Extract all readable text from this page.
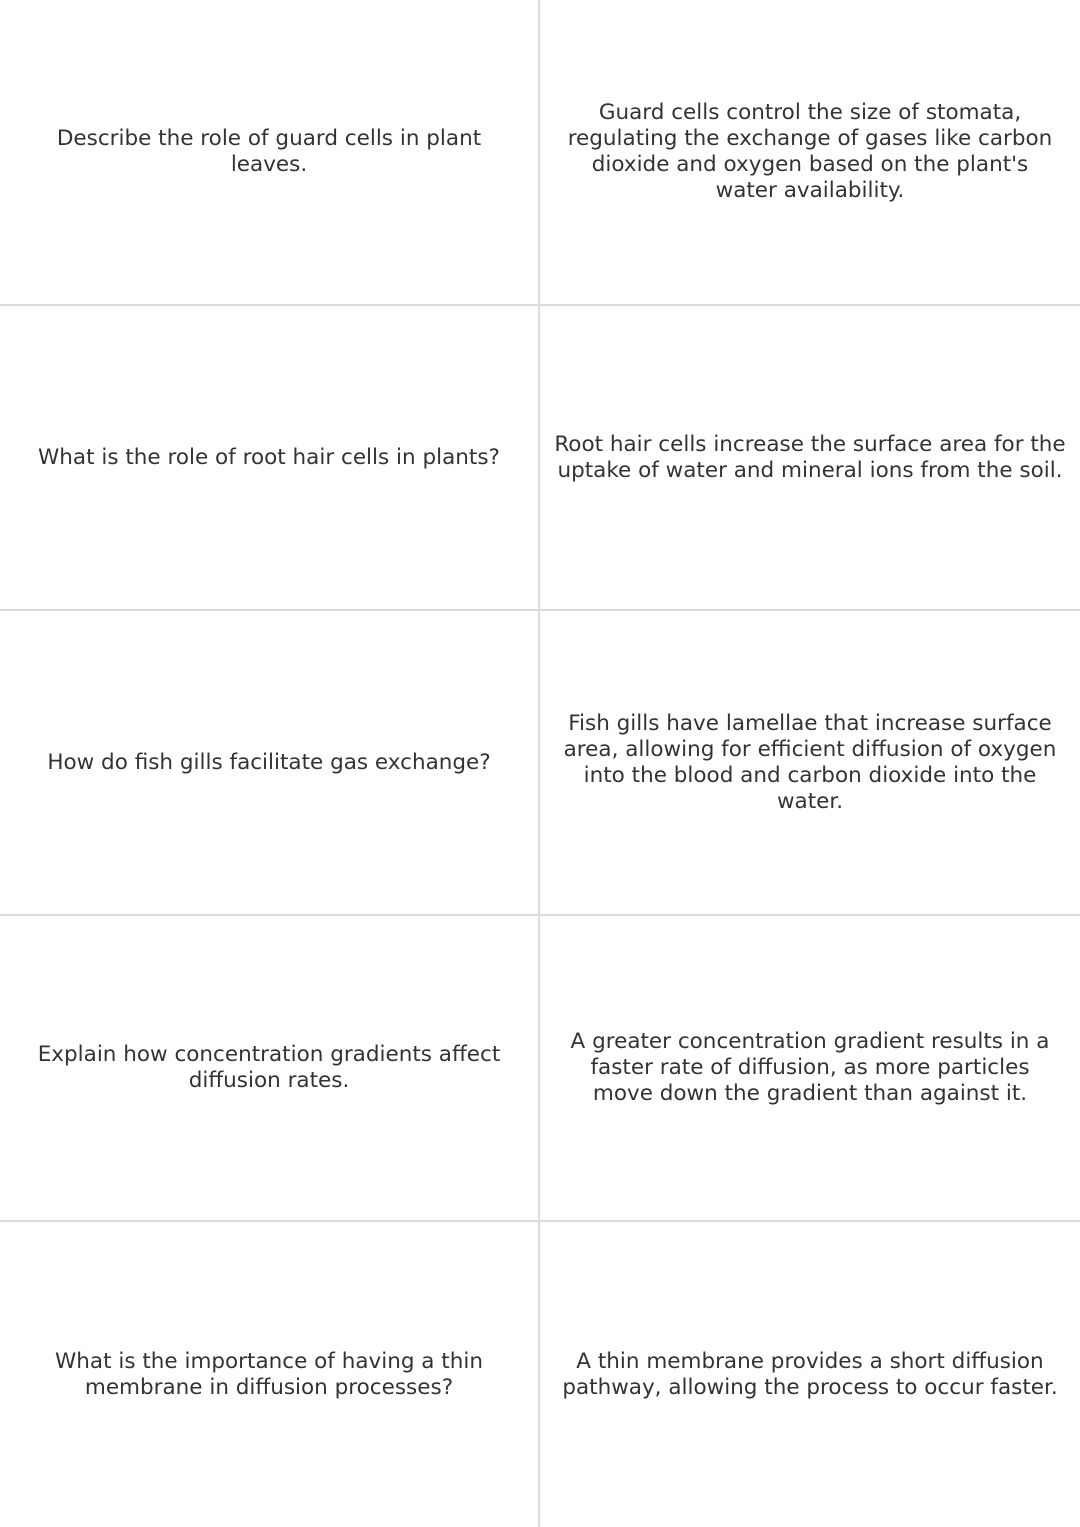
Describe the role of guard cells in plant leaves.
Guard cells control the size of stomata, regulating the exchange of gases like carbon dioxide and oxygen based on the plant's water availability.
What is the role of root hair cells in plants?
Root hair cells increase the surface area for the uptake of water and mineral ions from the soil.
How do fish gills facilitate gas exchange?
Fish gills have lamellae that increase surface area, allowing for efficient diffusion of oxygen into the blood and carbon dioxide into the water.
Explain how concentration gradients affect diffusion rates.
A greater concentration gradient results in a faster rate of diffusion, as more particles move down the gradient than against it.
What is the importance of having a thin membrane in diffusion processes?
A thin membrane provides a short diffusion pathway, allowing the process to occur faster.
